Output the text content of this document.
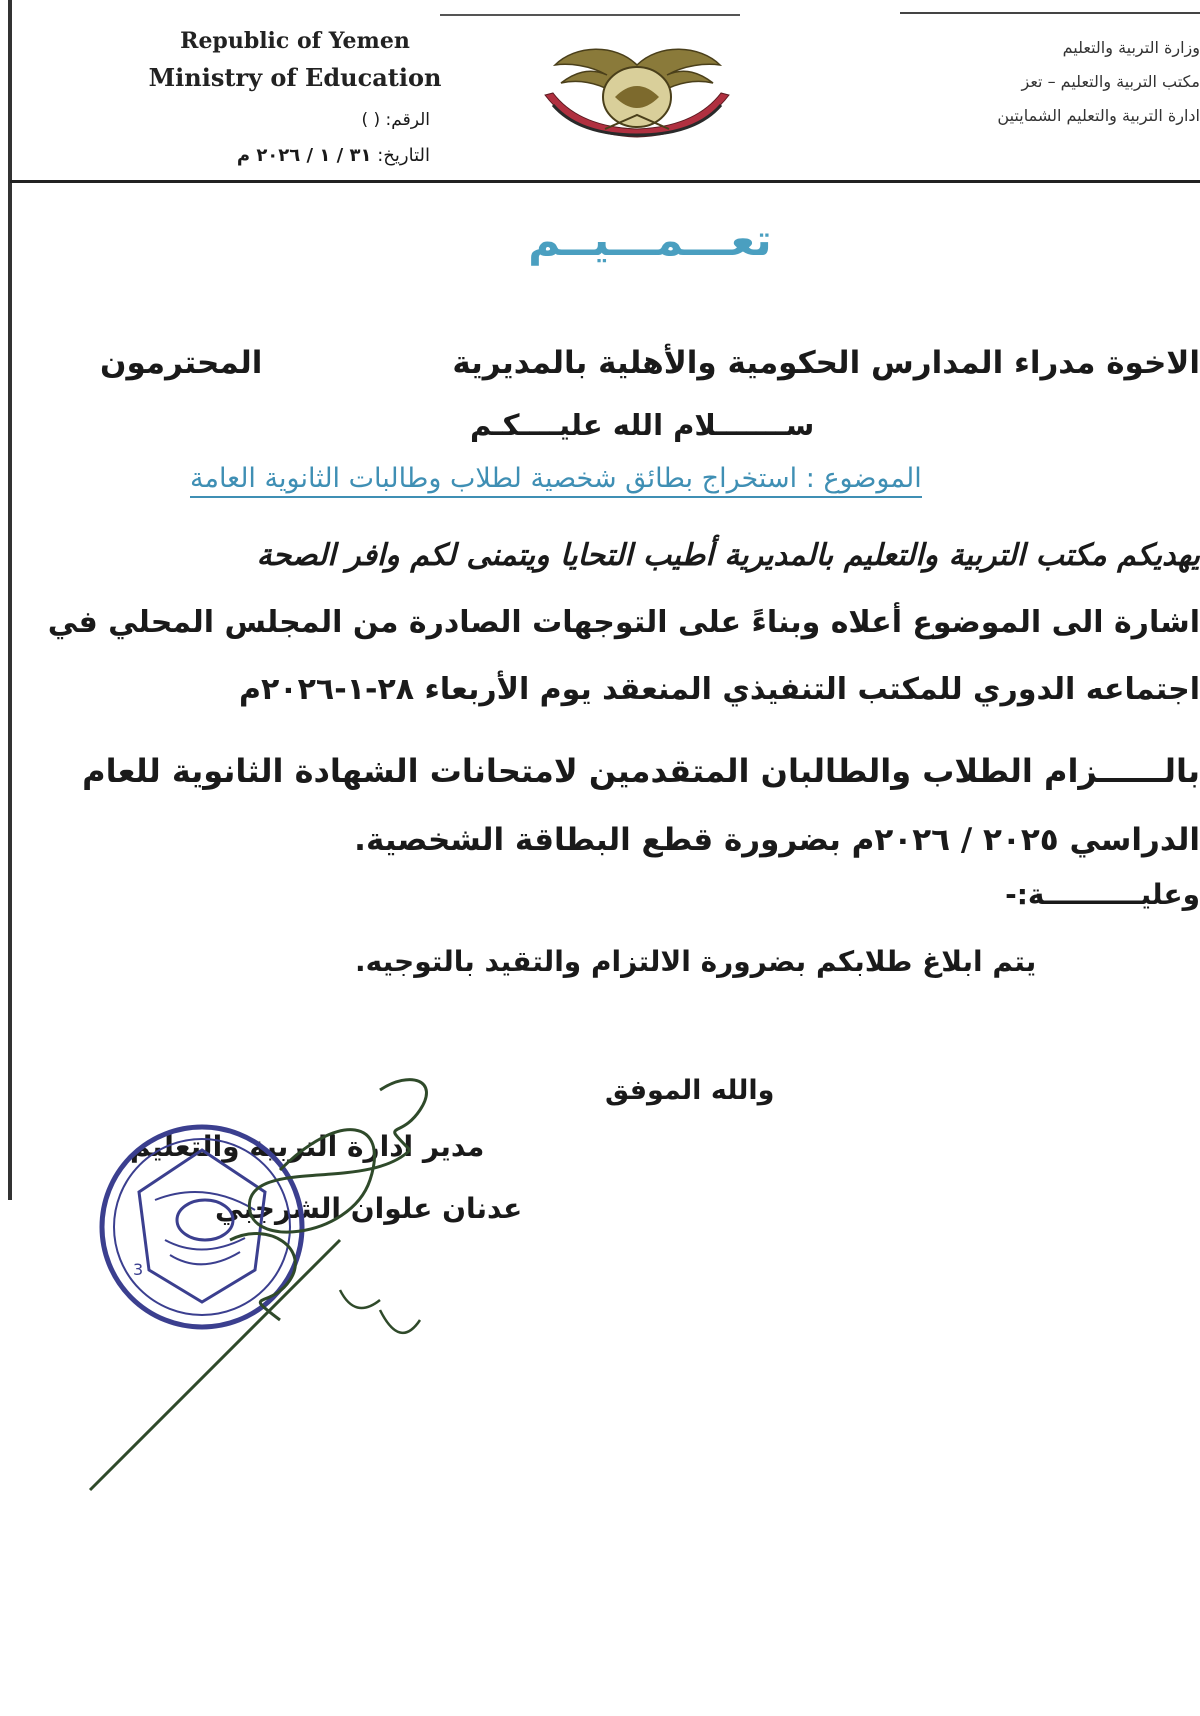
Republic of Yemen
Ministry of Education
الرقم: ( )
التاريخ: ٣١ / ١ / ٢٠٢٦ م
وزارة التربية والتعليم
مكتب التربية والتعليم – تعز
ادارة التربية والتعليم الشمايتين
تعـــمـــيــم
الاخوة مدراء المدارس الحكومية والأهلية بالمديرية
المحترمون
ســـــــلام الله عليــــكـم
الموضوع : استخراج بطائق شخصية لطلاب وطالبات الثانوية العامة
يهديكم مكتب التربية والتعليم بالمديرية أطيب التحايا ويتمنى لكم وافر الصحة
اشارة الى الموضوع أعلاه وبناءً على التوجهات الصادرة من المجلس المحلي في
اجتماعه الدوري للمكتب التنفيذي المنعقد يوم الأربعاء ٢٨-١-٢٠٢٦م
بالــــــزام الطلاب والطالبان المتقدمين لامتحانات الشهادة الثانوية للعام
الدراسي ٢٠٢٥ / ٢٠٢٦م بضرورة قطع البطاقة الشخصية.
وعليــــــــــة:-
يتم ابلاغ طلابكم بضرورة الالتزام والتقيد بالتوجيه.
والله الموفق
مدير ادارة التربية والتعليم
عدنان علوان الشرجبي
3
